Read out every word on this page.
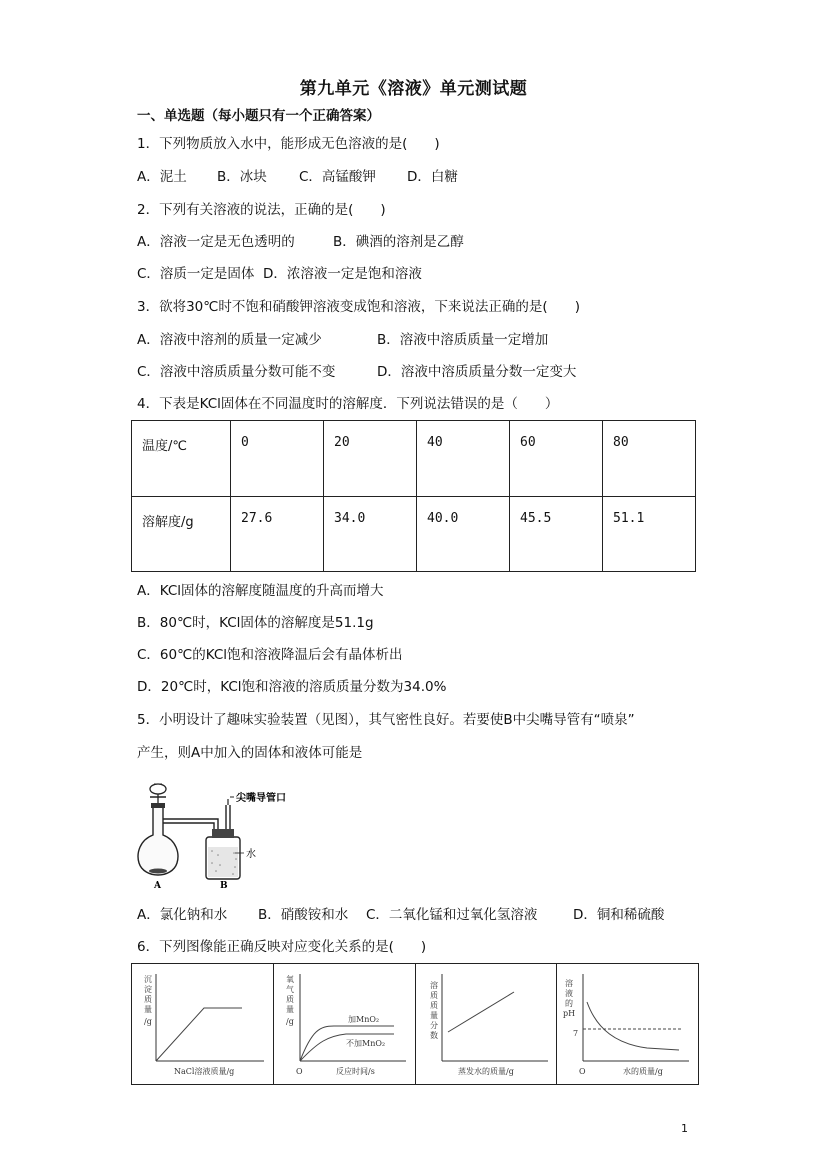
第九单元《溶液》单元测试题
一、单选题（每小题只有一个正确答案）
1．下列物质放入水中，能形成无色溶液的是(　　)
A．泥土 B．冰块 C．高锰酸钾 D．白糖
2．下列有关溶液的说法，正确的是(　　)
A．溶液一定是无色透明的	B．碘酒的溶剂是乙醇
C．溶质一定是固体 D．浓溶液一定是饱和溶液
3．欲将30℃时不饱和硝酸钾溶液变成饱和溶液，下来说法正确的是(　　)
A．溶液中溶剂的质量一定减少	B．溶液中溶质质量一定增加
C．溶液中溶质质量分数可能不变	D．溶液中溶质质量分数一定变大
4．下表是KCl固体在不同温度时的溶解度．下列说法错误的是（　　）
温度/℃	0	20	40	60	80
溶解度/g	27.6	34.0	40.0	45.5	51.1
A．KCl固体的溶解度随温度的升高而增大
B．80℃时，KCl固体的溶解度是51.1g
C．60℃的KCl饱和溶液降温后会有晶体析出
D．20℃时，KCl饱和溶液的溶质质量分数为34.0%
5．小明设计了趣味实验装置（见图），其气密性良好。若要使B中尖嘴导管有“喷泉”
产生，则A中加入的固体和液体可能是
尖嘴导管口
水
A	B
A．氯化钠和水 B．硝酸铵和水 C．二氧化锰和过氧化氢溶液	D．铜和稀硫酸
6．下列图像能正确反映对应变化关系的是(　　)
沉
淀
质
量
/g
NaCl溶液质量/g
氧
气
质
量
/g	加MnO₂
不加MnO₂
O	反应时间/s
溶
质
质
量
分
数
蒸发水的质量/g
溶
液
的
pH
7
O	水的质量/g
1
